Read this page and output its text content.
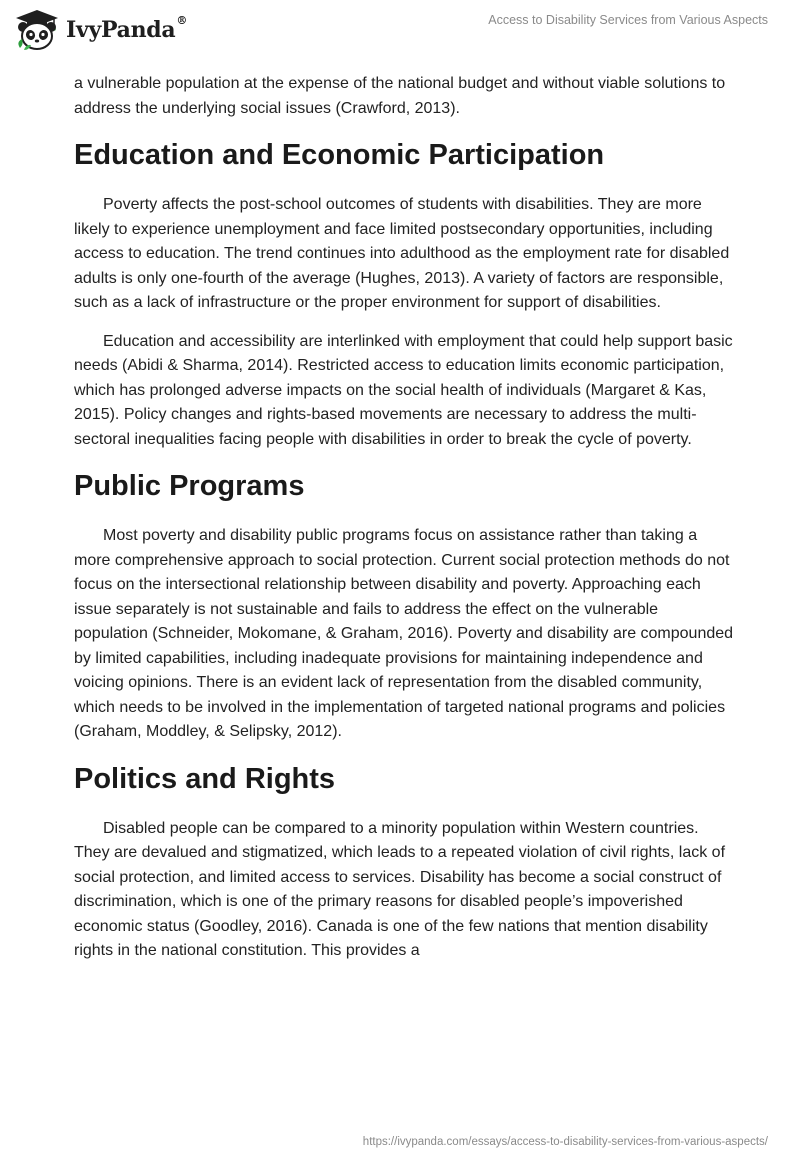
IvyPanda®	Access to Disability Services from Various Aspects

a vulnerable population at the expense of the national budget and without viable solutions to address the underlying social issues (Crawford, 2013).

Education and Economic Participation

Poverty affects the post-school outcomes of students with disabilities. They are more likely to experience unemployment and face limited postsecondary opportunities, including access to education. The trend continues into adulthood as the employment rate for disabled adults is only one-fourth of the average (Hughes, 2013). A variety of factors are responsible, such as a lack of infrastructure or the proper environment for support of disabilities.

Education and accessibility are interlinked with employment that could help support basic needs (Abidi & Sharma, 2014). Restricted access to education limits economic participation, which has prolonged adverse impacts on the social health of individuals (Margaret & Kas, 2015). Policy changes and rights-based movements are necessary to address the multi-sectoral inequalities facing people with disabilities in order to break the cycle of poverty.

Public Programs

Most poverty and disability public programs focus on assistance rather than taking a more comprehensive approach to social protection. Current social protection methods do not focus on the intersectional relationship between disability and poverty. Approaching each issue separately is not sustainable and fails to address the effect on the vulnerable population (Schneider, Mokomane, & Graham, 2016). Poverty and disability are compounded by limited capabilities, including inadequate provisions for maintaining independence and voicing opinions. There is an evident lack of representation from the disabled community, which needs to be involved in the implementation of targeted national programs and policies (Graham, Moddley, & Selipsky, 2012).

Politics and Rights

Disabled people can be compared to a minority population within Western countries. They are devalued and stigmatized, which leads to a repeated violation of civil rights, lack of social protection, and limited access to services. Disability has become a social construct of discrimination, which is one of the primary reasons for disabled people’s impoverished economic status (Goodley, 2016). Canada is one of the few nations that mention disability rights in the national constitution. This provides a

https://ivypanda.com/essays/access-to-disability-services-from-various-aspects/
